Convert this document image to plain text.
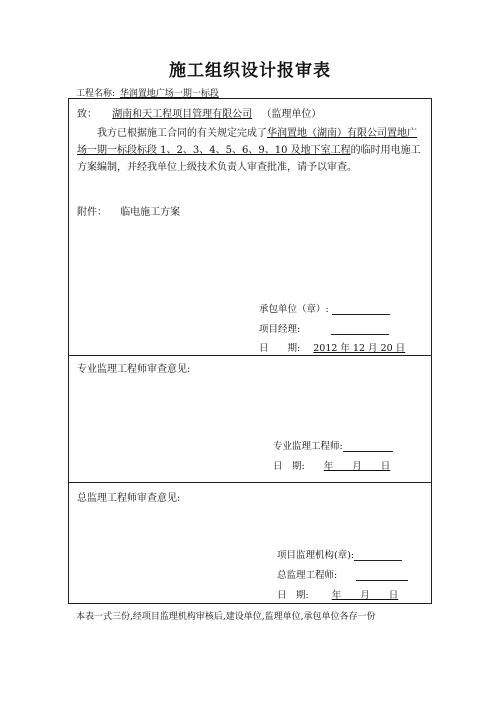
施工组织设计报审表
工程名称: 华润置地广场一期一标段
致： 湖南和天工程项目管理有限公司 （监理单位）
我方已根据施工合同的有关规定完成了华润置地（湖南）有限公司置地广场一期一标段标段 1、2、3、4、5、6、9、10 及地下室工程的临时用电施工方案编制，并经我单位上级技术负责人审查批准，请予以审查。
附件： 临电施工方案
承包单位（章）:
项目经理:
日　　期: 2012 年 12 月 20 日
专业监理工程师审查意见:
专业监理工程师:
日　期: 年　　月　　日
总监理工程师审查意见:
项目监理机构(章):
总监理工程师:
日　期: 年　　月　　日
本表一式三份,经项目监理机构审核后,建设单位,监理单位,承包单位各存一份
